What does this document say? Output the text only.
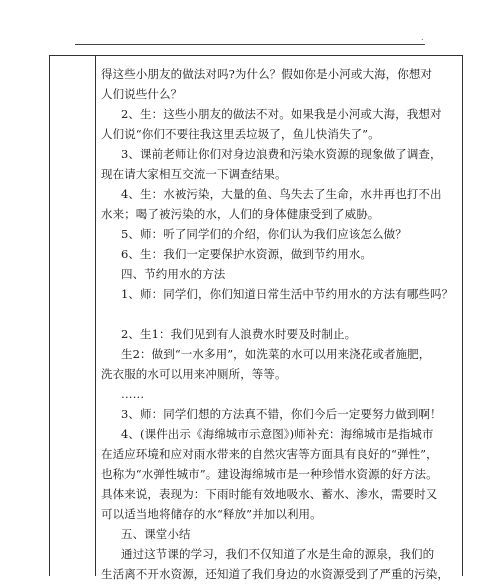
.
得这些小朋友的做法对吗?为什么？假如你是小河或大海，你想对
人们说些什么？
2、生：这些小朋友的做法不对。如果我是小河或大海，我想对
人们说“你们不要往我这里丢垃圾了，鱼儿快消失了”。
3、课前老师让你们对身边浪费和污染水资源的现象做了调查，
现在请大家相互交流一下调查结果。
4、生：水被污染，大量的鱼、鸟失去了生命，水井再也打不出
水来；喝了被污染的水，人们的身体健康受到了威胁。
5、师：听了同学们的介绍，你们认为我们应该怎么做？
6、生：我们一定要保护水资源，做到节约用水。
四、节约用水的方法
1、师：同学们，你们知道日常生活中节约用水的方法有哪些吗？
2、生1：我们见到有人浪费水时要及时制止。
生2：做到“一水多用”，如洗菜的水可以用来浇花或者施肥，
洗衣服的水可以用来冲厕所，等等。
……
3、师：同学们想的方法真不错，你们今后一定要努力做到啊！
4、(课件出示《海绵城市示意图》)师补充：海绵城市是指城市
在适应环境和应对雨水带来的自然灾害等方面具有良好的“弹性”，
也称为“水弹性城市”。建设海绵城市是一种珍惜水资源的好方法。
具体来说，表现为：下雨时能有效地吸水、蓄水、渗水，需要时又
可以适当地将储存的水“释放”并加以利用。
五、课堂小结
通过这节课的学习，我们不仅知道了水是生命的源泉，我们的
生活离不开水资源，还知道了我们身边的水资源受到了严重的污染，
